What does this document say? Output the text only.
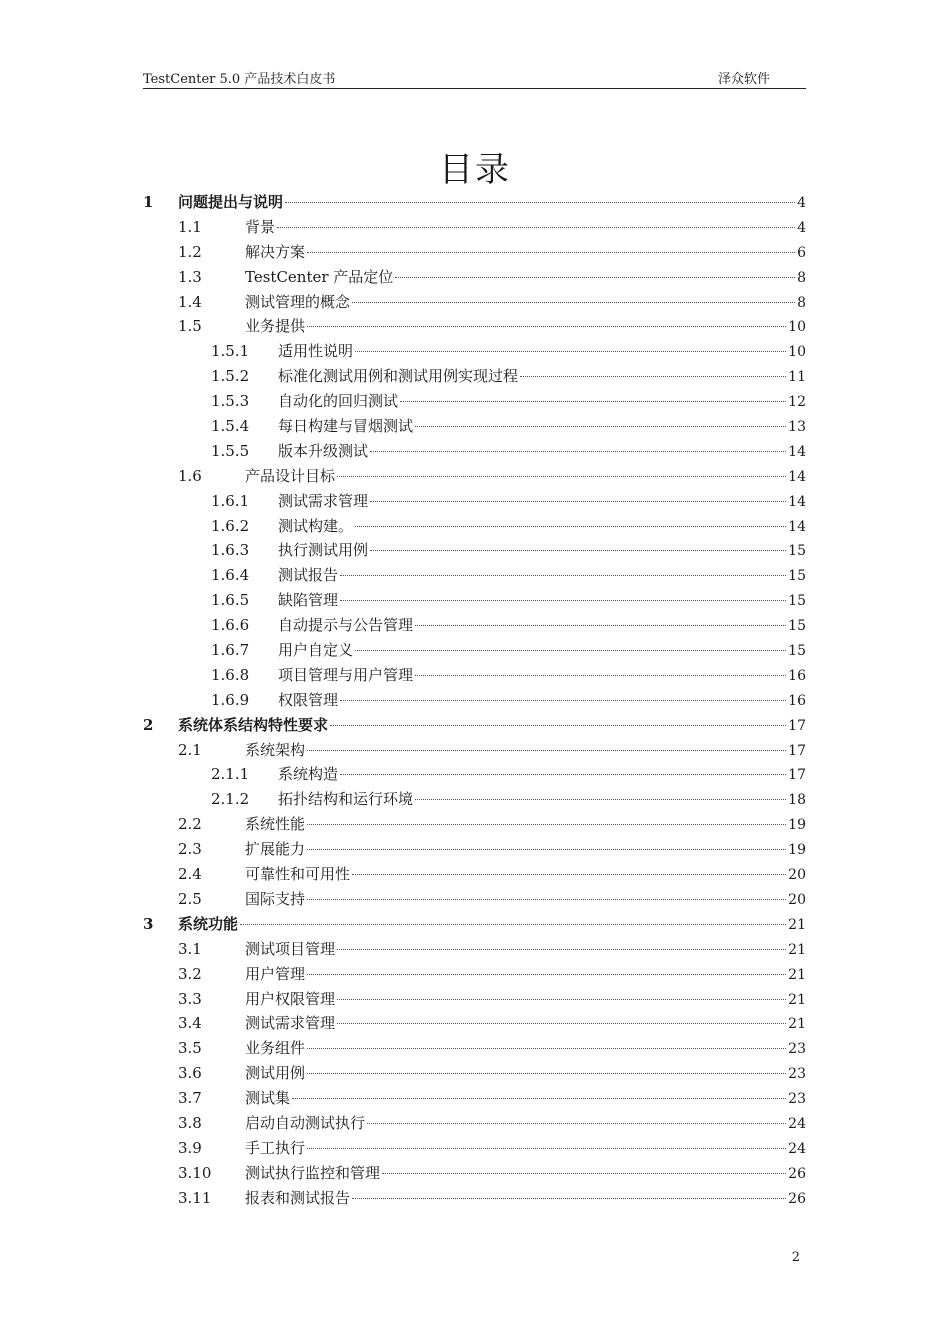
TestCenter 5.0 产品技术白皮书	泽众软件
目录
1	问题提出与说明	4
1.1	背景	4
1.2	解决方案	6
1.3	TestCenter 产品定位	8
1.4	测试管理的概念	8
1.5	业务提供	10
1.5.1	适用性说明	10
1.5.2	标准化测试用例和测试用例实现过程	11
1.5.3	自动化的回归测试	12
1.5.4	每日构建与冒烟测试	13
1.5.5	版本升级测试	14
1.6	产品设计目标	14
1.6.1	测试需求管理	14
1.6.2	测试构建。	14
1.6.3	执行测试用例	15
1.6.4	测试报告	15
1.6.5	缺陷管理	15
1.6.6	自动提示与公告管理	15
1.6.7	用户自定义	15
1.6.8	项目管理与用户管理	16
1.6.9	权限管理	16
2	系统体系结构特性要求	17
2.1	系统架构	17
2.1.1	系统构造	17
2.1.2	拓扑结构和运行环境	18
2.2	系统性能	19
2.3	扩展能力	19
2.4	可靠性和可用性	20
2.5	国际支持	20
3	系统功能	21
3.1	测试项目管理	21
3.2	用户管理	21
3.3	用户权限管理	21
3.4	测试需求管理	21
3.5	业务组件	23
3.6	测试用例	23
3.7	测试集	23
3.8	启动自动测试执行	24
3.9	手工执行	24
3.10	测试执行监控和管理	26
3.11	报表和测试报告	26
2
